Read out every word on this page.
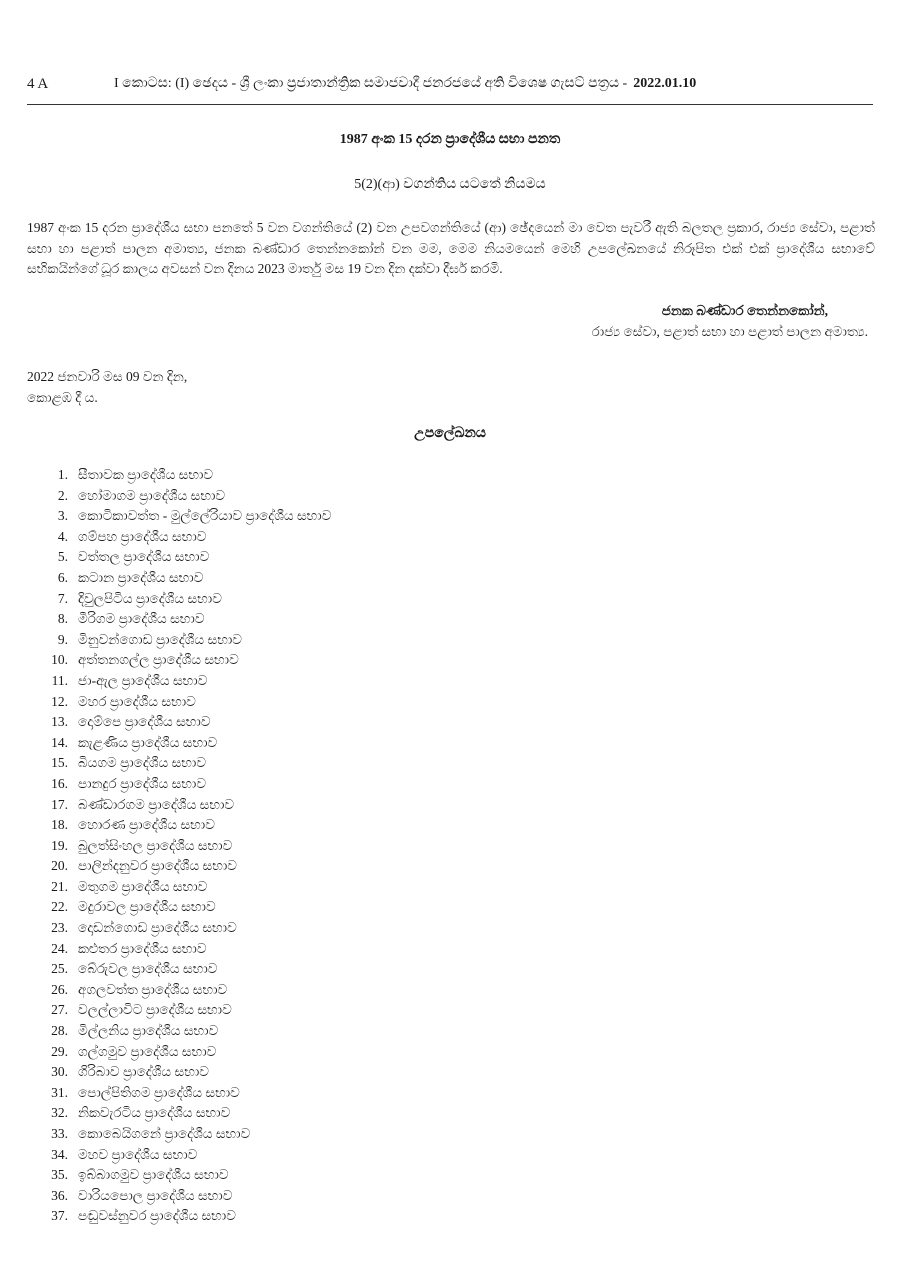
4 A	I කොටස: (I) ඡෙදය - ශ්‍රී ලංකා ප්‍රජාතාන්ත්‍රික සමාජවාදී ජනරජයේ අති විශෙෂ ගැසට් පත්‍රය - 2022.01.10
1987 අංක 15 දරන ප්‍රාදේශීය සභා පනත
5(2)(ආ) වගන්තිය යටතේ නියමය
1987 අංක 15 දරන ප්‍රාදේශීය සභා පනතේ 5 වන වගන්තියේ (2) වන උපවගන්තියේ (ආ) ඡේදයෙන් මා වෙත පැවරී ඇති බලතල ප්‍රකාර, රාජ්‍ය සේවා, පළාත් සභා හා පළාත් පාලන අමාත්‍ය, ජනක බණ්ඩාර තෙන්නකෝන් වන මම, මෙම නියමයෙන් මෙහි උපලේඛනයේ නිරූපිත එක් එක් ප්‍රාදේශීය සභාවේ සභිකයින්ගේ ධූර කාලය අවසන් වන දිනය 2023 මාර්තු මස 19 වන දින දක්වා දීර්ඝ කරමි.
ජනක බණ්ඩාර තෙන්නකෝන්,
රාජ්‍ය සේවා, පළාත් සභා හා පළාත් පාලන අමාත්‍ය.
2022 ජනවාරි මස 09 වන දින,
කොළඹ දී ය.
උපලේඛනය
1. සීතාවක ප්‍රාදේශීය සභාව
2. හෝමාගම ප්‍රාදේශීය සභාව
3. කොටිකාවත්ත - මුල්ලේරියාව ප්‍රාදේශීය සභාව
4. ගම්පහ ප්‍රාදේශීය සභාව
5. වත්තල ප්‍රාදේශීය සභාව
6. කටාන ප්‍රාදේශීය සභාව
7. දිවුලපිටිය ප්‍රාදේශීය සභාව
8. මීරිගම ප්‍රාදේශීය සභාව
9. මිනුවන්ගොඩ ප්‍රාදේශීය සභාව
10. අත්තනගල්ල ප්‍රාදේශීය සභාව
11. ජා-ඇල ප්‍රාදේශීය සභාව
12. මහර ප්‍රාදේශීය සභාව
13. දොම්පෙ ප්‍රාදේශීය සභාව
14. කැළණිය ප්‍රාදේශීය සභාව
15. බියගම ප්‍රාදේශීය සභාව
16. පානදුර ප්‍රාදේශීය සභාව
17. බණ්ඩාරගම ප්‍රාදේශීය සභාව
18. හොරණ ප්‍රාදේශීය සභාව
19. බුලත්සිංහල ප්‍රාදේශීය සභාව
20. පාලින්දනුවර ප්‍රාදේශීය සභාව
21. මතුගම ප්‍රාදේශීය සභාව
22. මදුරාවල ප්‍රාදේශීය සභාව
23. දොඩන්ගොඩ ප්‍රාදේශීය සභාව
24. කළුතර ප්‍රාදේශීය සභාව
25. බේරුවල ප්‍රාදේශීය සභාව
26. අගලවත්ත ප්‍රාදේශීය සභාව
27. වලල්ලාවිට ප්‍රාදේශීය සභාව
28. මිල්ලනිය ප්‍රාදේශීය සභාව
29. ගල්ගමුව ප්‍රාදේශීය සභාව
30. ගිරිබාව ප්‍රාදේශීය සභාව
31. පොල්පිතිගම ප්‍රාදේශීය සභාව
32. නිකවැරටිය ප්‍රාදේශීය සභාව
33. කොබෙයිගනේ ප්‍රාදේශීය සභාව
34. මහව ප්‍රාදේශීය සභාව
35. ඉබ්බාගමුව ප්‍රාදේශීය සභාව
36. වාරියපොල ප්‍රාදේශීය සභාව
37. පඬුවස්නුවර ප්‍රාදේශීය සභාව
